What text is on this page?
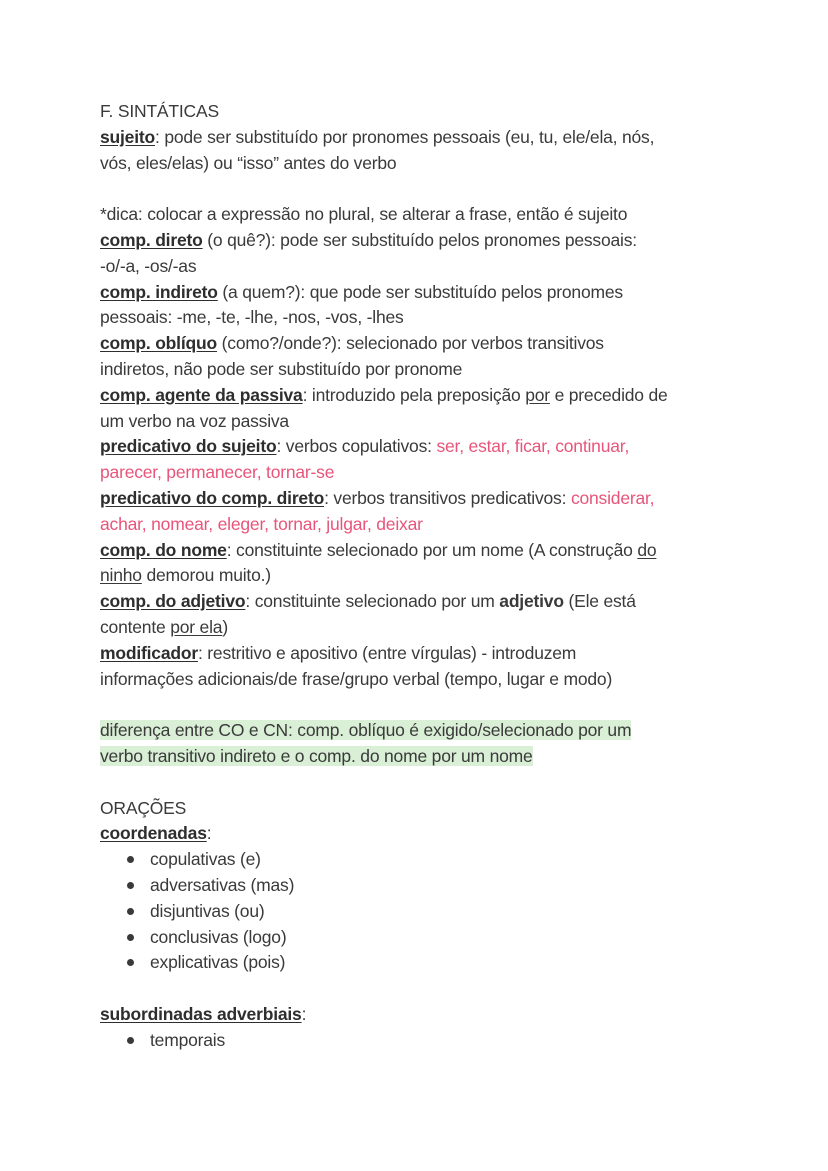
F. SINTÁTICAS
sujeito: pode ser substituído por pronomes pessoais (eu, tu, ele/ela, nós,
vós, eles/elas) ou “isso” antes do verbo
*dica: colocar a expressão no plural, se alterar a frase, então é sujeito
comp. direto (o quê?): pode ser substituído pelos pronomes pessoais:
-o/-a, -os/-as
comp. indireto (a quem?): que pode ser substituído pelos pronomes
pessoais: -me, -te, -lhe, -nos, -vos, -lhes
comp. oblíquo (como?/onde?): selecionado por verbos transitivos
indiretos, não pode ser substituído por pronome
comp. agente da passiva: introduzido pela preposição por e precedido de
um verbo na voz passiva
predicativo do sujeito: verbos copulativos: ser, estar, ficar, continuar,
parecer, permanecer, tornar-se
predicativo do comp. direto: verbos transitivos predicativos: considerar,
achar, nomear, eleger, tornar, julgar, deixar
comp. do nome: constituinte selecionado por um nome (A construção do
ninho demorou muito.)
comp. do adjetivo: constituinte selecionado por um adjetivo (Ele está
contente por ela)
modificador: restritivo e apositivo (entre vírgulas) - introduzem
informações adicionais/de frase/grupo verbal (tempo, lugar e modo)
diferença entre CO e CN: comp. oblíquo é exigido/selecionado por um
verbo transitivo indireto e o comp. do nome por um nome
ORAÇÕES
coordenadas:
copulativas (e)
adversativas (mas)
disjuntivas (ou)
conclusivas (logo)
explicativas (pois)
subordinadas adverbiais:
temporais
